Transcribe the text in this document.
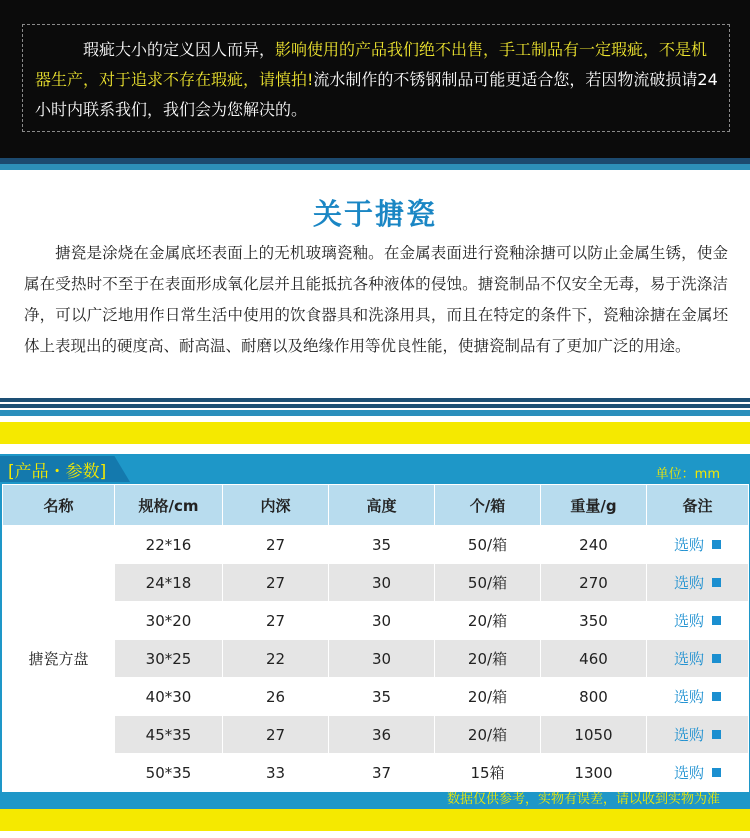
瑕疵大小的定义因人而异，影响使用的产品我们绝不出售，手工制品有一定瑕疵，不是机器生产，对于追求不存在瑕疵，请慎拍!流水制作的不锈钢制品可能更适合您，若因物流破损请24小时内联系我们，我们会为您解决的。
关于搪瓷
搪瓷是涂烧在金属底坯表面上的无机玻璃瓷釉。在金属表面进行瓷釉涂搪可以防止金属生锈，使金属在受热时不至于在表面形成氧化层并且能抵抗各种液体的侵蚀。搪瓷制品不仅安全无毒，易于洗涤洁净，可以广泛地用作日常生活中使用的饮食器具和洗涤用具，而且在特定的条件下，瓷釉涂搪在金属坯体上表现出的硬度高、耐高温、耐磨以及绝缘作用等优良性能，使搪瓷制品有了更加广泛的用途。
[产品・参数]	单位：mm
名称	规格/cm	内深	高度	个/箱	重量/g	备注
搪瓷方盘	22*16	27	35	50/箱	240	选购
	24*18	27	30	50/箱	270	选购
	30*20	27	30	20/箱	350	选购
	30*25	22	30	20/箱	460	选购
	40*30	26	35	20/箱	800	选购
	45*35	27	36	20/箱	1050	选购
	50*35	33	37	15箱	1300	选购
数据仅供参考，实物有误差，请以收到实物为准
